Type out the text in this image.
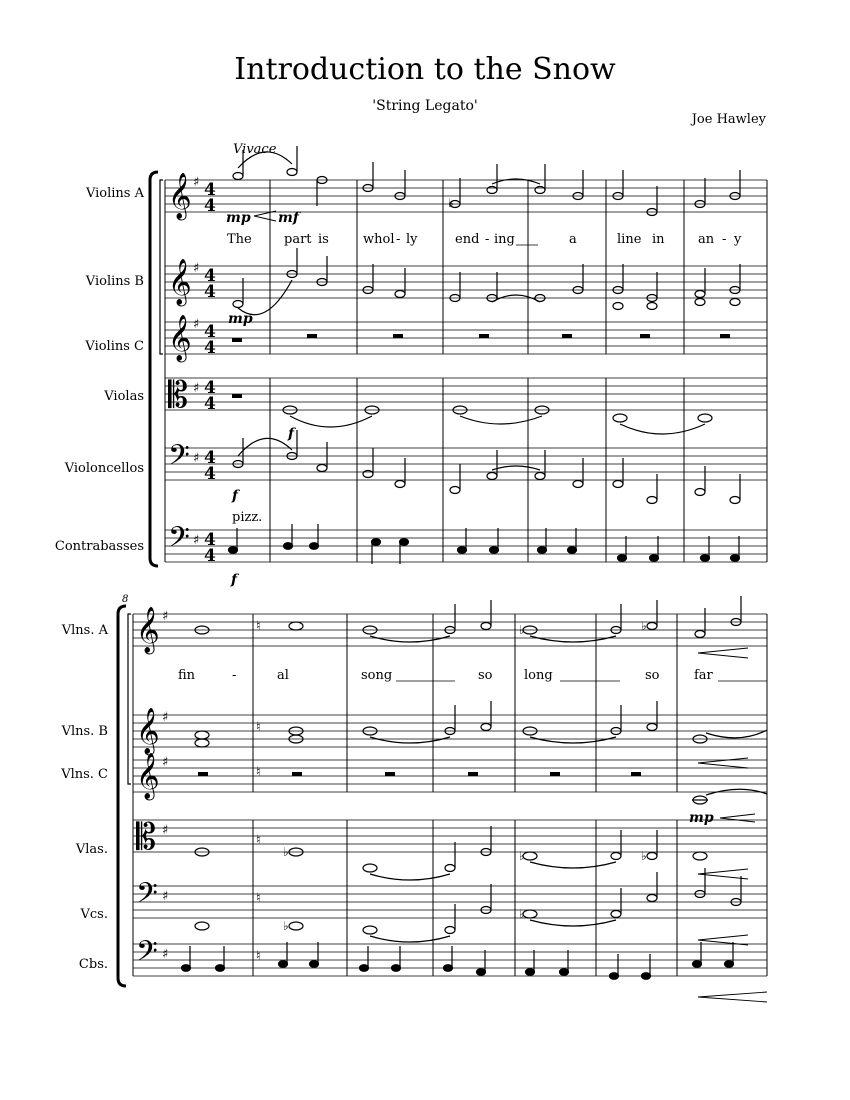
Introduction to the Snow
'String Legato'
Joe Hawley
Vivace
Violins A
Violins B
Violins C
Violas
Violoncellos
Contrabasses
𝄞
𝄞
𝄞
𝄡
𝄢
𝄢
♯
♯
♯
♯
♯
♯
4
4
4
4
4
4
4
4
4
4
4
4
♭
mp mf
mp
f
f
f
pizz.
The part is	whol - ly	end - ing	a	line in	an - y
8
Vlns. A
Vlns. B
Vlns. C
Vlas.
Vcs.
Cbs.
𝄞
𝄞
𝄞
𝄡
𝄢
𝄢
♯
♯
♯
♯
♯
♯
♮
♮
♮
♮
♮
♮
♭	♭
♭	♭	♭
♭
♭
fin	-	al	song	so long	so	far
mp
